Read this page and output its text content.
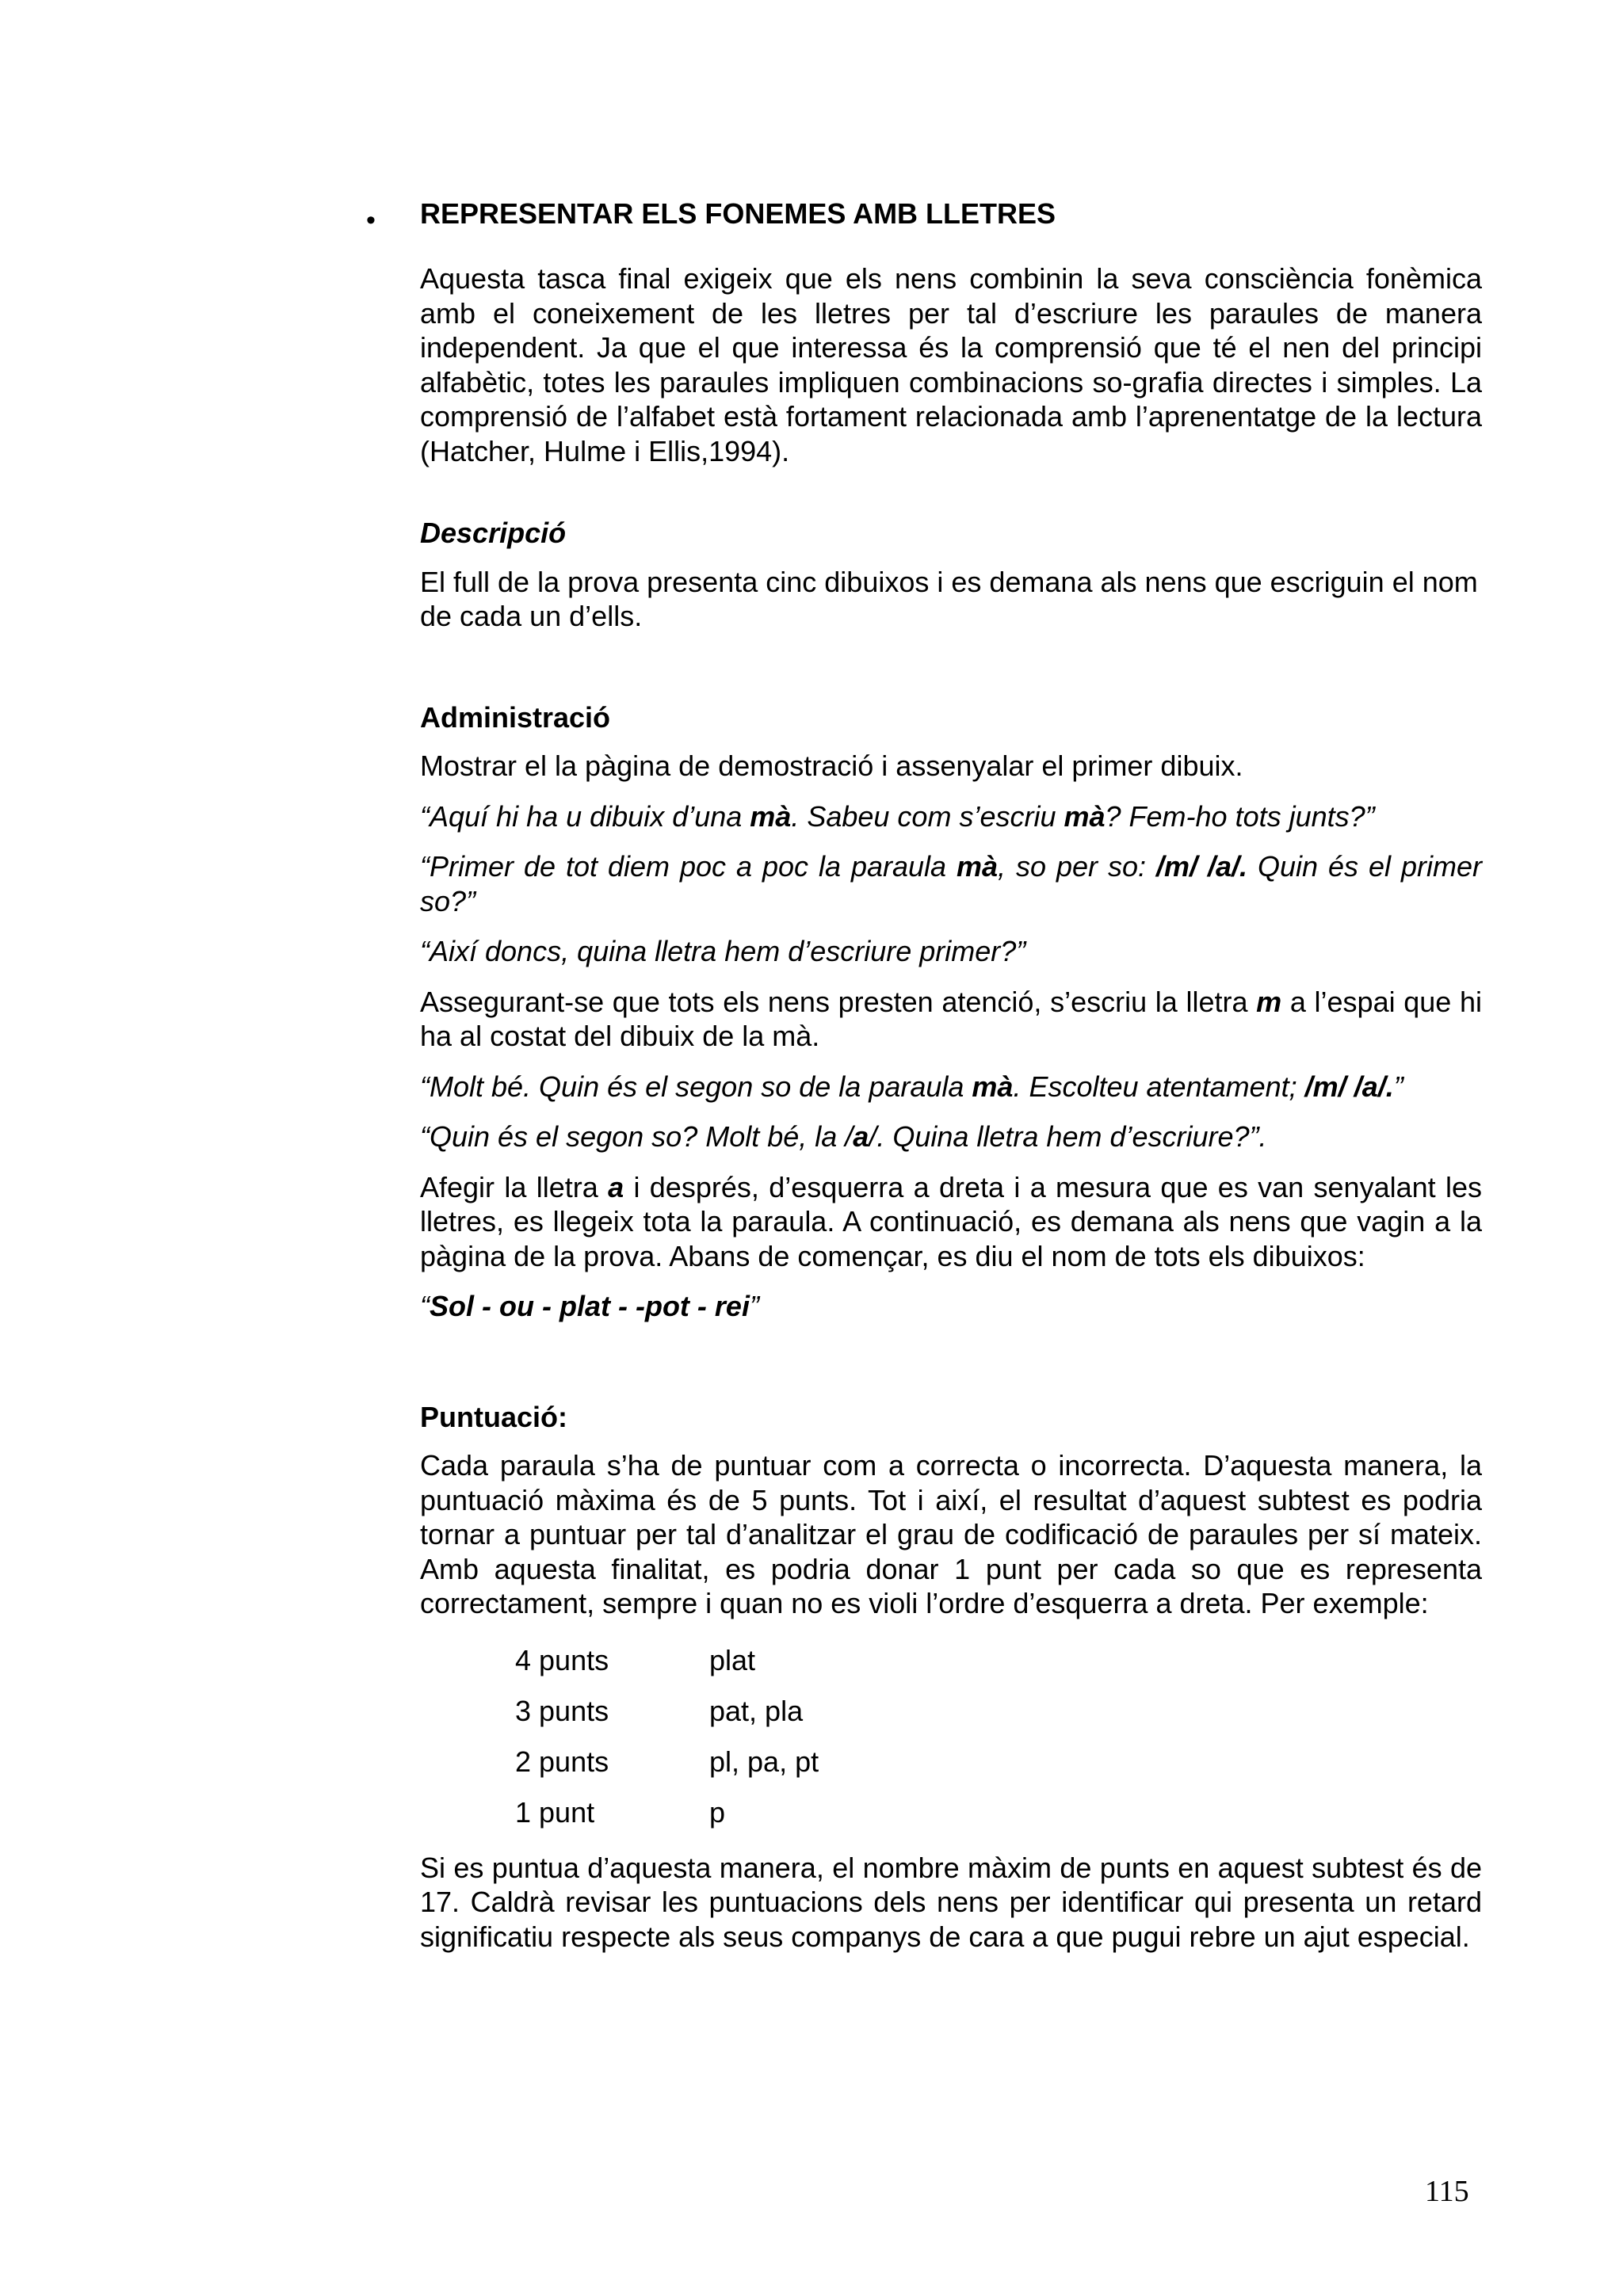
• REPRESENTAR ELS FONEMES AMB LLETRES

Aquesta tasca final exigeix que els nens combinin la seva consciència fonèmica amb el coneixement de les lletres per tal d’escriure les paraules de manera independent. Ja que el que interessa és la comprensió que té el nen del principi alfabètic, totes les paraules impliquen combinacions so-grafia directes i simples. La comprensió de l’alfabet està fortament relacionada amb l’aprenentatge de la lectura (Hatcher, Hulme i Ellis,1994).

Descripció

El full de la prova presenta cinc dibuixos i es demana als nens que escriguin el nom de cada un d’ells.

Administració

Mostrar el la pàgina de demostració i assenyalar el primer dibuix.

“Aquí hi ha u dibuix d’una mà. Sabeu com s’escriu mà? Fem-ho tots junts?”

“Primer de tot diem poc a poc la paraula mà, so per so: /m/ /a/. Quin és el primer so?”

“Així doncs, quina lletra hem d’escriure primer?”

Assegurant-se que tots els nens presten atenció, s’escriu la lletra m a l’espai que hi ha al costat del dibuix de la mà.

“Molt bé. Quin és el segon so de la paraula mà. Escolteu atentament; /m/ /a/.”

“Quin és el segon so? Molt bé, la /a/. Quina lletra hem d’escriure?”.

Afegir la lletra a i després, d’esquerra a dreta i a mesura que es van senyalant les lletres, es llegeix tota la paraula. A continuació, es demana als nens que vagin a la pàgina de la prova. Abans de començar, es diu el nom de tots els dibuixos:

“Sol - ou - plat - -pot - rei”

Puntuació:

Cada paraula s’ha de puntuar com a correcta o incorrecta. D’aquesta manera, la puntuació màxima és de 5 punts. Tot i així, el resultat d’aquest subtest es podria tornar a puntuar per tal d’analitzar el grau de codificació de paraules per sí mateix. Amb aquesta finalitat, es podria donar 1 punt per cada so que es representa correctament, sempre i quan no es violi l’ordre d’esquerra a dreta. Per exemple:

4 punts	plat
3 punts	pat, pla
2 punts	pl, pa, pt
1 punt	p

Si es puntua d’aquesta manera, el nombre màxim de punts en aquest subtest és de 17. Caldrà revisar les puntuacions dels nens per identificar qui presenta un retard significatiu respecte als seus companys de cara a que pugui rebre un ajut especial.

115
